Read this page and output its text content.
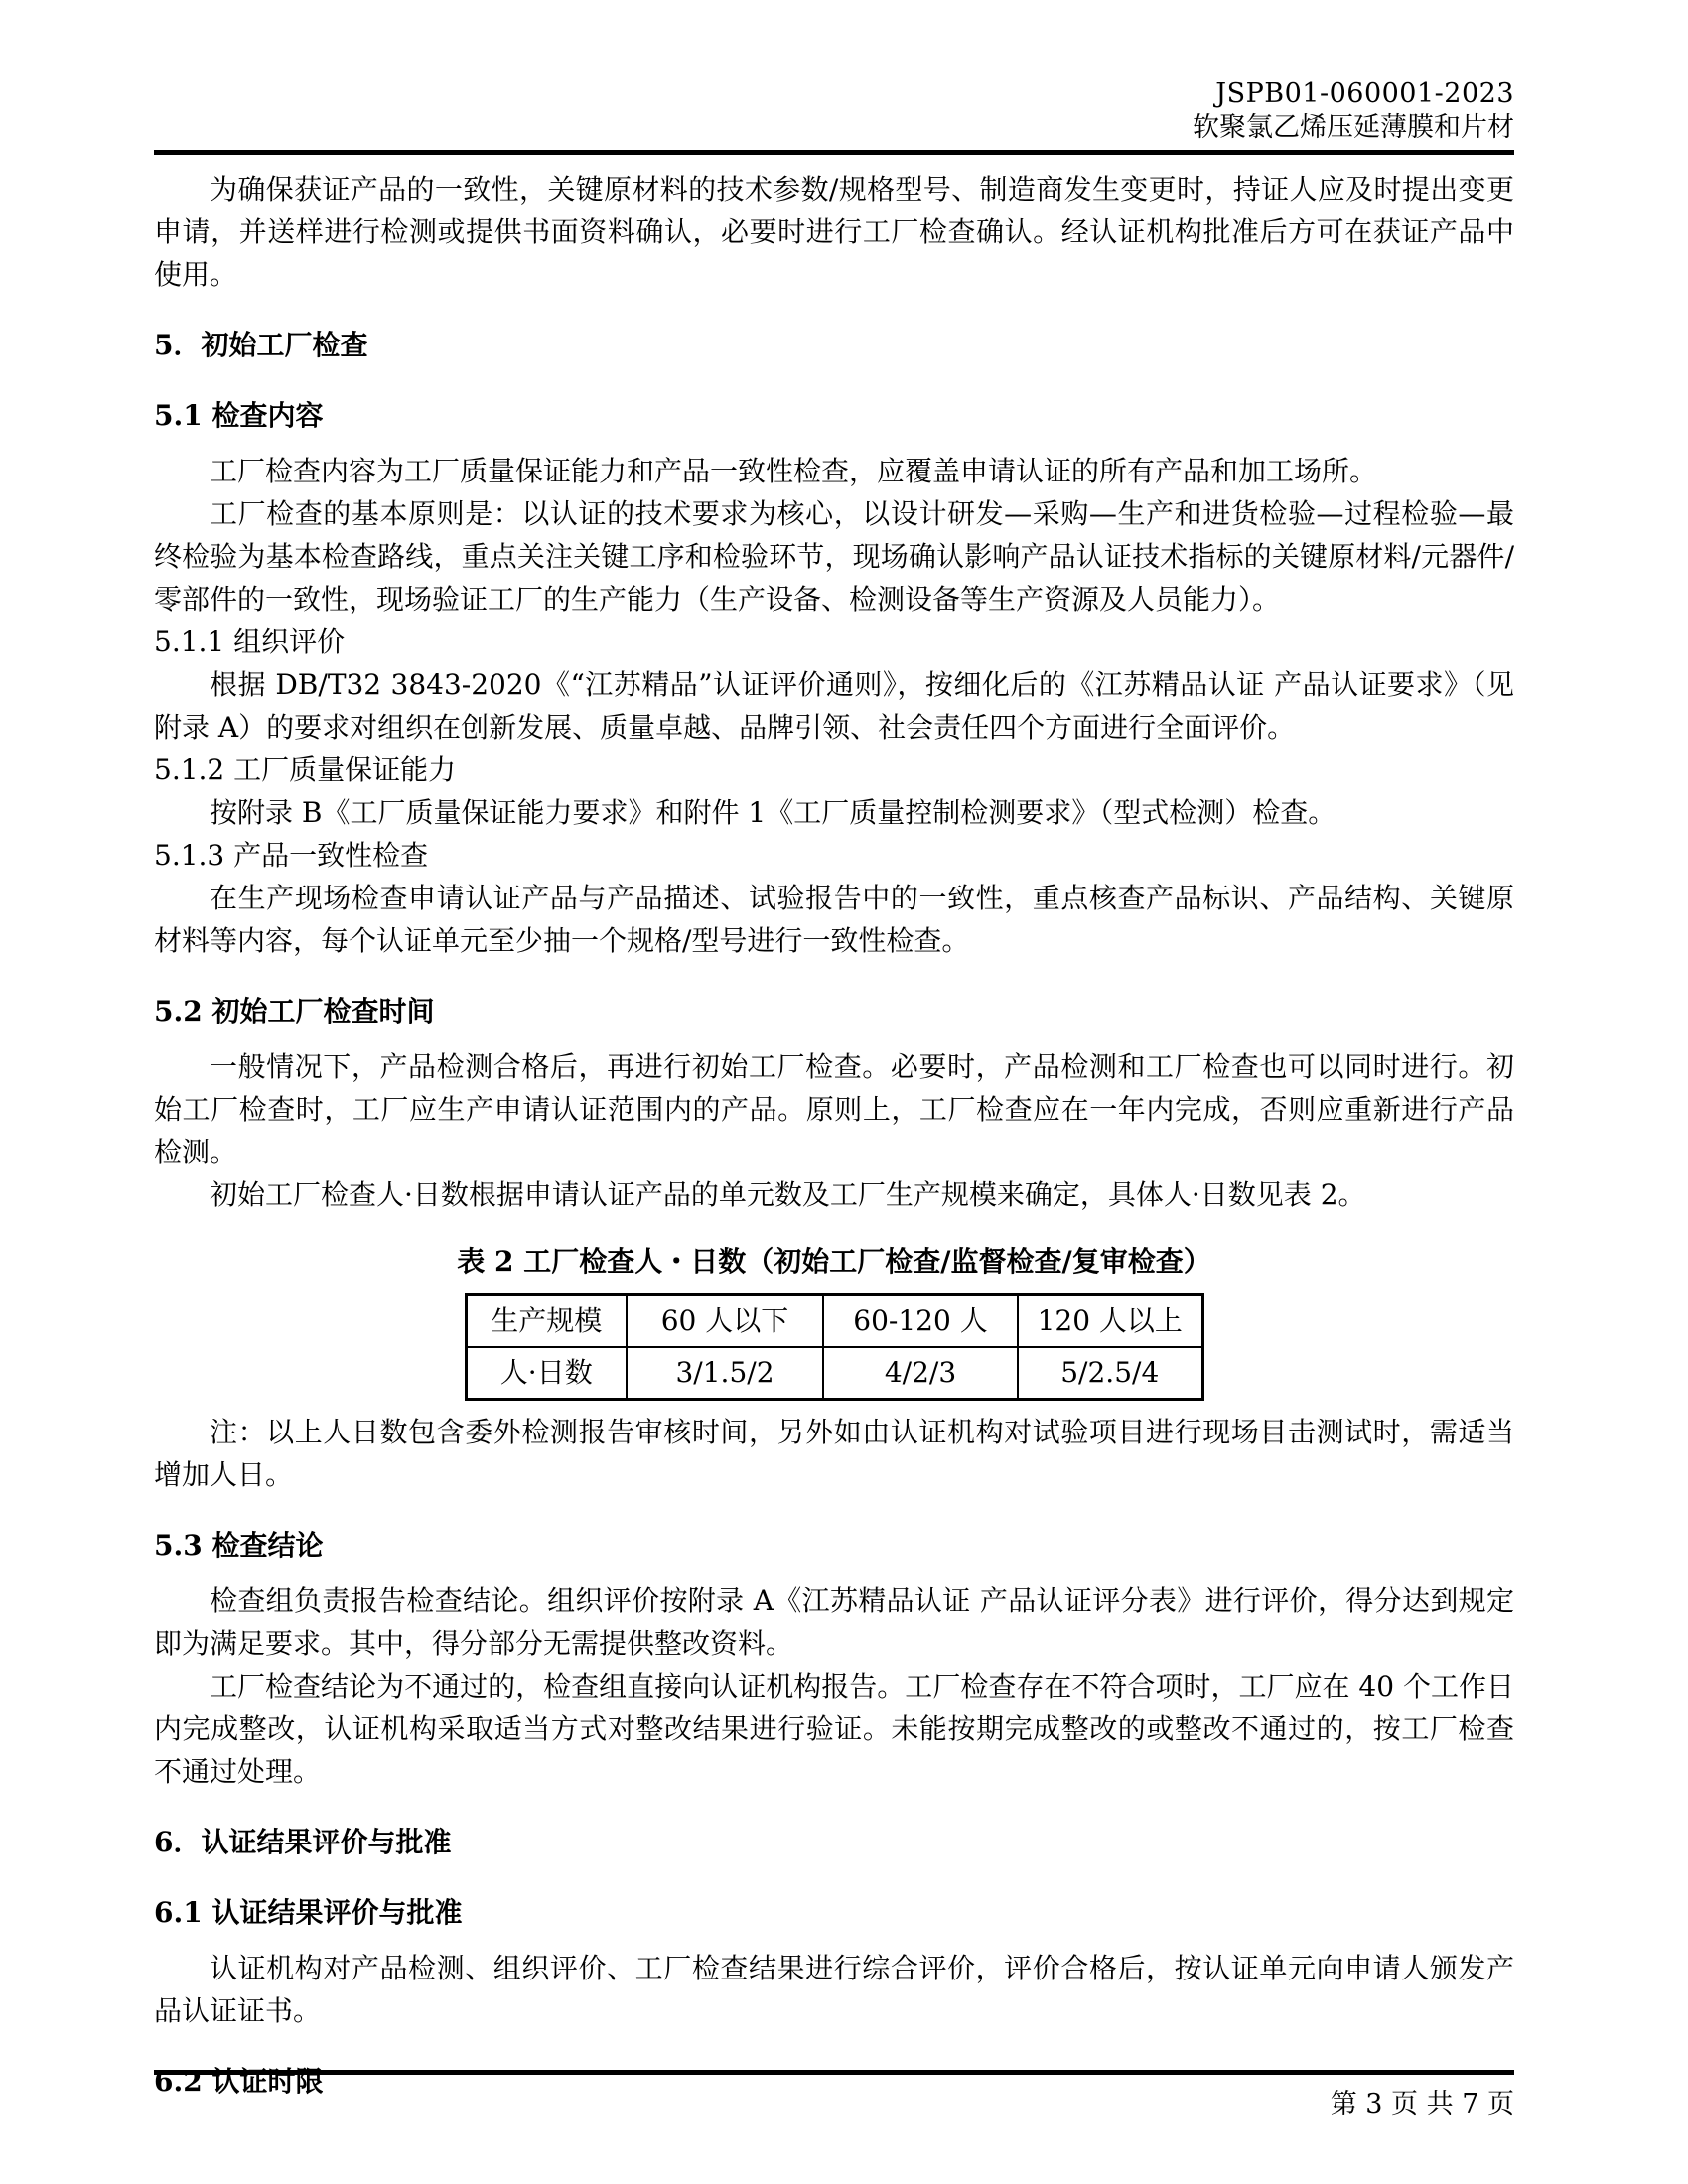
JSPB01-060001-2023
软聚氯乙烯压延薄膜和片材

为确保获证产品的一致性，关键原材料的技术参数/规格型号、制造商发生变更时，持证人应及时提出变更申请，并送样进行检测或提供书面资料确认，必要时进行工厂检查确认。经认证机构批准后方可在获证产品中使用。

5．初始工厂检查
5.1 检查内容

工厂检查内容为工厂质量保证能力和产品一致性检查，应覆盖申请认证的所有产品和加工场所。

工厂检查的基本原则是：以认证的技术要求为核心，以设计研发—采购—生产和进货检验—过程检验—最终检验为基本检查路线，重点关注关键工序和检验环节，现场确认影响产品认证技术指标的关键原材料/元器件/零部件的一致性，现场验证工厂的生产能力（生产设备、检测设备等生产资源及人员能力）。

5.1.1 组织评价

根据 DB/T32 3843-2020《“江苏精品”认证评价通则》，按细化后的《江苏精品认证 产品认证要求》（见附录 A）的要求对组织在创新发展、质量卓越、品牌引领、社会责任四个方面进行全面评价。

5.1.2 工厂质量保证能力

按附录 B《工厂质量保证能力要求》和附件 1《工厂质量控制检测要求》（型式检测）检查。

5.1.3 产品一致性检查

在生产现场检查申请认证产品与产品描述、试验报告中的一致性，重点核查产品标识、产品结构、关键原材料等内容，每个认证单元至少抽一个规格/型号进行一致性检查。

5.2 初始工厂检查时间

一般情况下，产品检测合格后，再进行初始工厂检查。必要时，产品检测和工厂检查也可以同时进行。初始工厂检查时，工厂应生产申请认证范围内的产品。原则上，工厂检查应在一年内完成，否则应重新进行产品检测。

初始工厂检查人·日数根据申请认证产品的单元数及工厂生产规模来确定，具体人·日数见表 2。

表 2 工厂检查人・日数（初始工厂检查/监督检查/复审检查）
生产规模	60 人以下	60-120 人	120 人以上
人·日数	3/1.5/2	4/2/3	5/2.5/4

注：以上人日数包含委外检测报告审核时间，另外如由认证机构对试验项目进行现场目击测试时，需适当增加人日。

5.3 检查结论

检查组负责报告检查结论。组织评价按附录 A《江苏精品认证 产品认证评分表》进行评价，得分达到规定即为满足要求。其中，得分部分无需提供整改资料。

工厂检查结论为不通过的，检查组直接向认证机构报告。工厂检查存在不符合项时，工厂应在 40 个工作日内完成整改，认证机构采取适当方式对整改结果进行验证。未能按期完成整改的或整改不通过的，按工厂检查不通过处理。

6．认证结果评价与批准
6.1 认证结果评价与批准

认证机构对产品检测、组织评价、工厂检查结果进行综合评价，评价合格后，按认证单元向申请人颁发产品认证证书。

6.2 认证时限
第 3 页 共 7 页
